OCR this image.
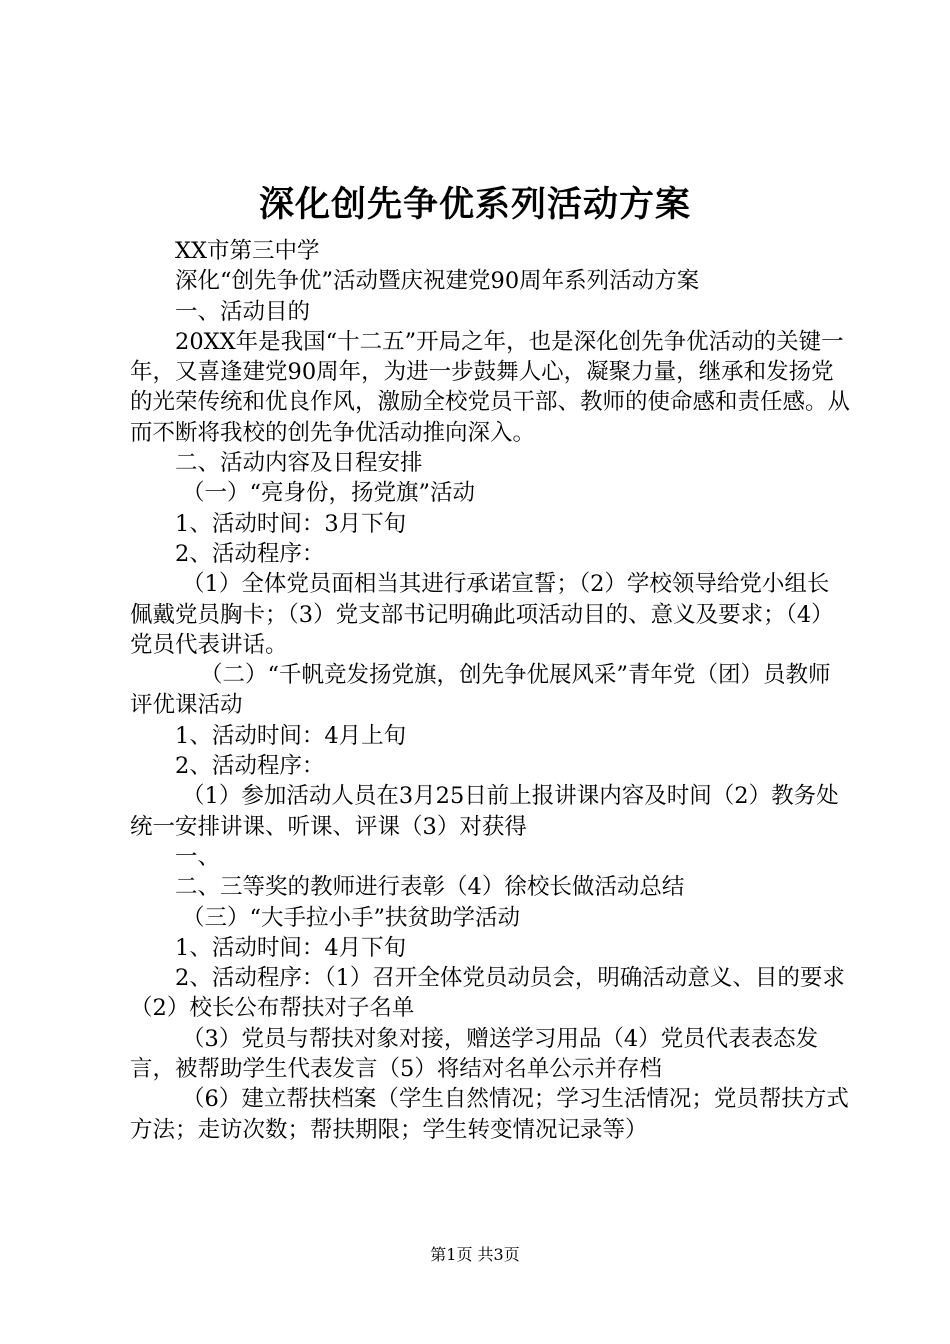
深化创先争优系列活动方案

XX市第三中学

深化“创先争优”活动暨庆祝建党90周年系列活动方案

一、活动目的

20XX年是我国“十二五”开局之年，也是深化创先争优活动的关键一年，又喜逢建党90周年，为进一步鼓舞人心，凝聚力量，继承和发扬党的光荣传统和优良作风，激励全校党员干部、教师的使命感和责任感。从而不断将我校的创先争优活动推向深入。

二、活动内容及日程安排

（一）“亮身份，扬党旗”活动

1、活动时间：3月下旬

2、活动程序：

（1）全体党员面相当其进行承诺宣誓；（2）学校领导给党小组长佩戴党员胸卡；（3）党支部书记明确此项活动目的、意义及要求；（4）党员代表讲话。

（二）“千帆竞发扬党旗，创先争优展风采”青年党（团）员教师评优课活动

1、活动时间：4月上旬

2、活动程序：

（1）参加活动人员在3月25日前上报讲课内容及时间（2）教务处统一安排讲课、听课、评课（3）对获得

一、

二、三等奖的教师进行表彰（4）徐校长做活动总结

（三）“大手拉小手”扶贫助学活动

1、活动时间：4月下旬

2、活动程序：（1）召开全体党员动员会，明确活动意义、目的要求（2）校长公布帮扶对子名单

（3）党员与帮扶对象对接，赠送学习用品（4）党员代表表态发言，被帮助学生代表发言（5）将结对名单公示并存档

（6）建立帮扶档案（学生自然情况；学习生活情况；党员帮扶方式方法；走访次数；帮扶期限；学生转变情况记录等）

第1页 共3页
